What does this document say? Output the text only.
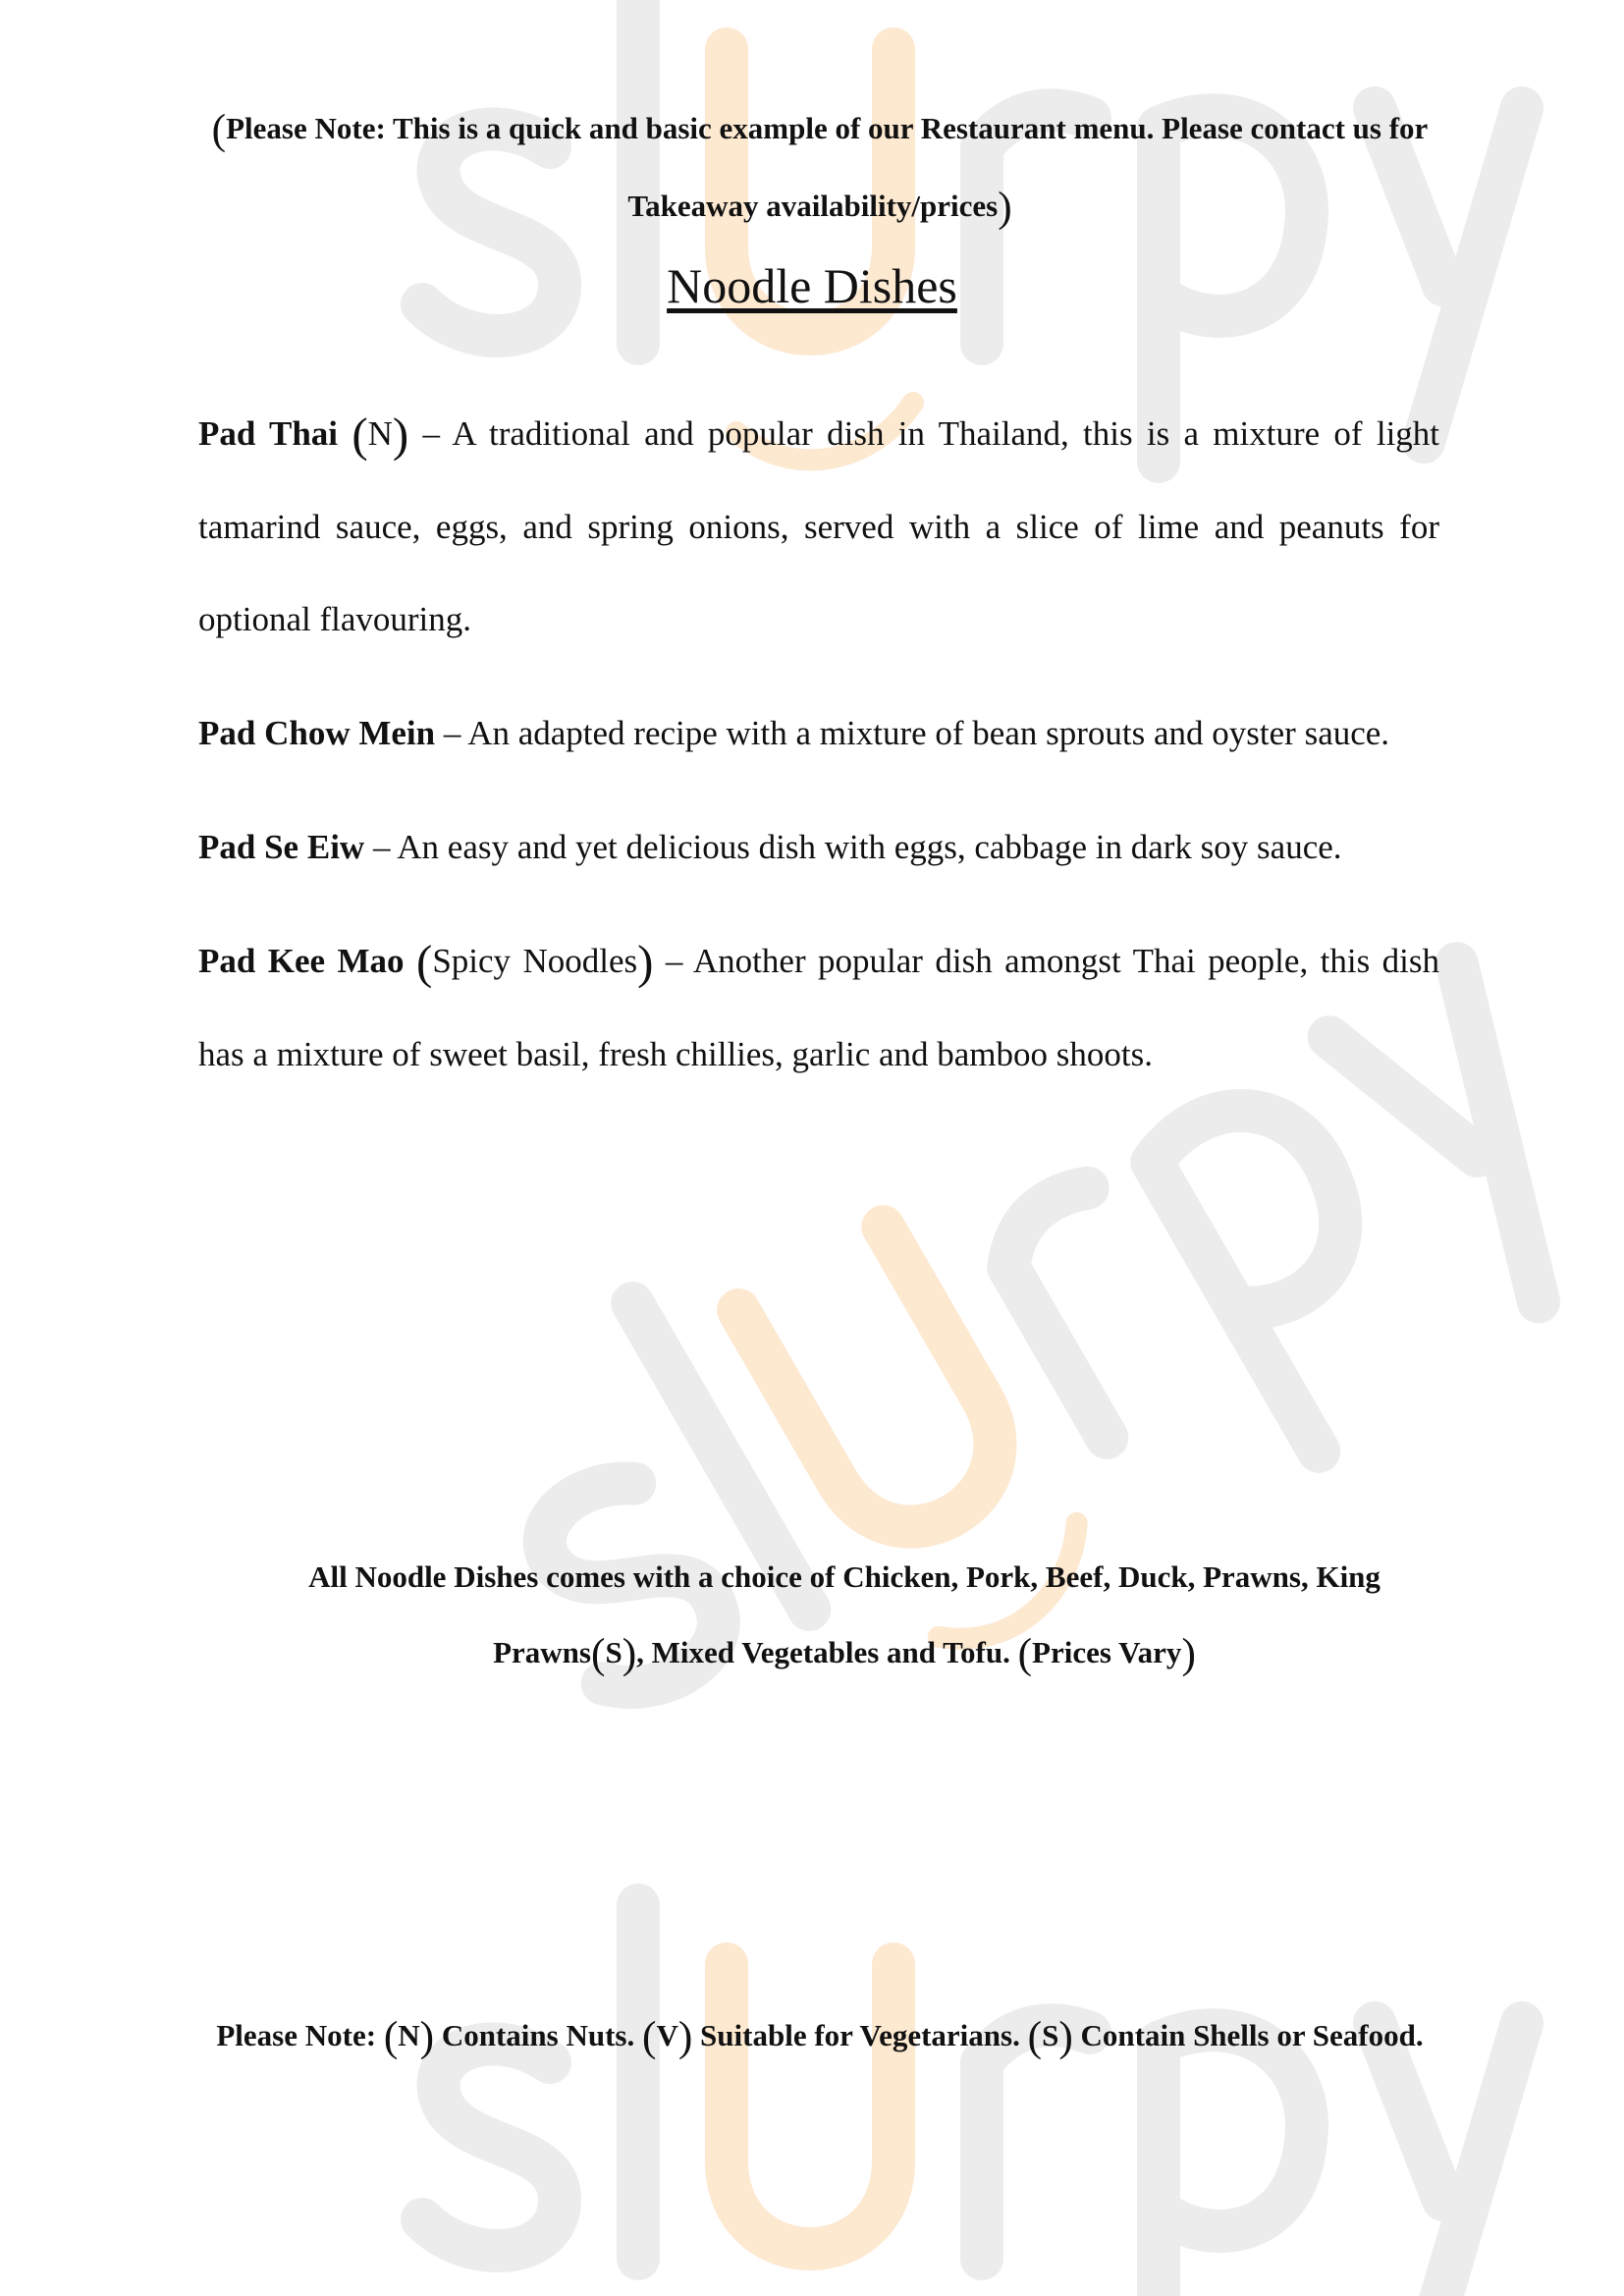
(Please Note: This is a quick and basic example of our Restaurant menu. Please contact us for Takeaway availability/prices)
Noodle Dishes
Pad Thai (N) – A traditional and popular dish in Thailand, this is a mixture of light tamarind sauce, eggs, and spring onions, served with a slice of lime and peanuts for optional flavouring.
Pad Chow Mein – An adapted recipe with a mixture of bean sprouts and oyster sauce.
Pad Se Eiw – An easy and yet delicious dish with eggs, cabbage in dark soy sauce.
Pad Kee Mao (Spicy Noodles) – Another popular dish amongst Thai people, this dish has a mixture of sweet basil, fresh chillies, garlic and bamboo shoots.
All Noodle Dishes comes with a choice of Chicken, Pork, Beef, Duck, Prawns, King Prawns(S), Mixed Vegetables and Tofu. (Prices Vary)
Please Note: (N) Contains Nuts. (V) Suitable for Vegetarians. (S) Contain Shells or Seafood.
